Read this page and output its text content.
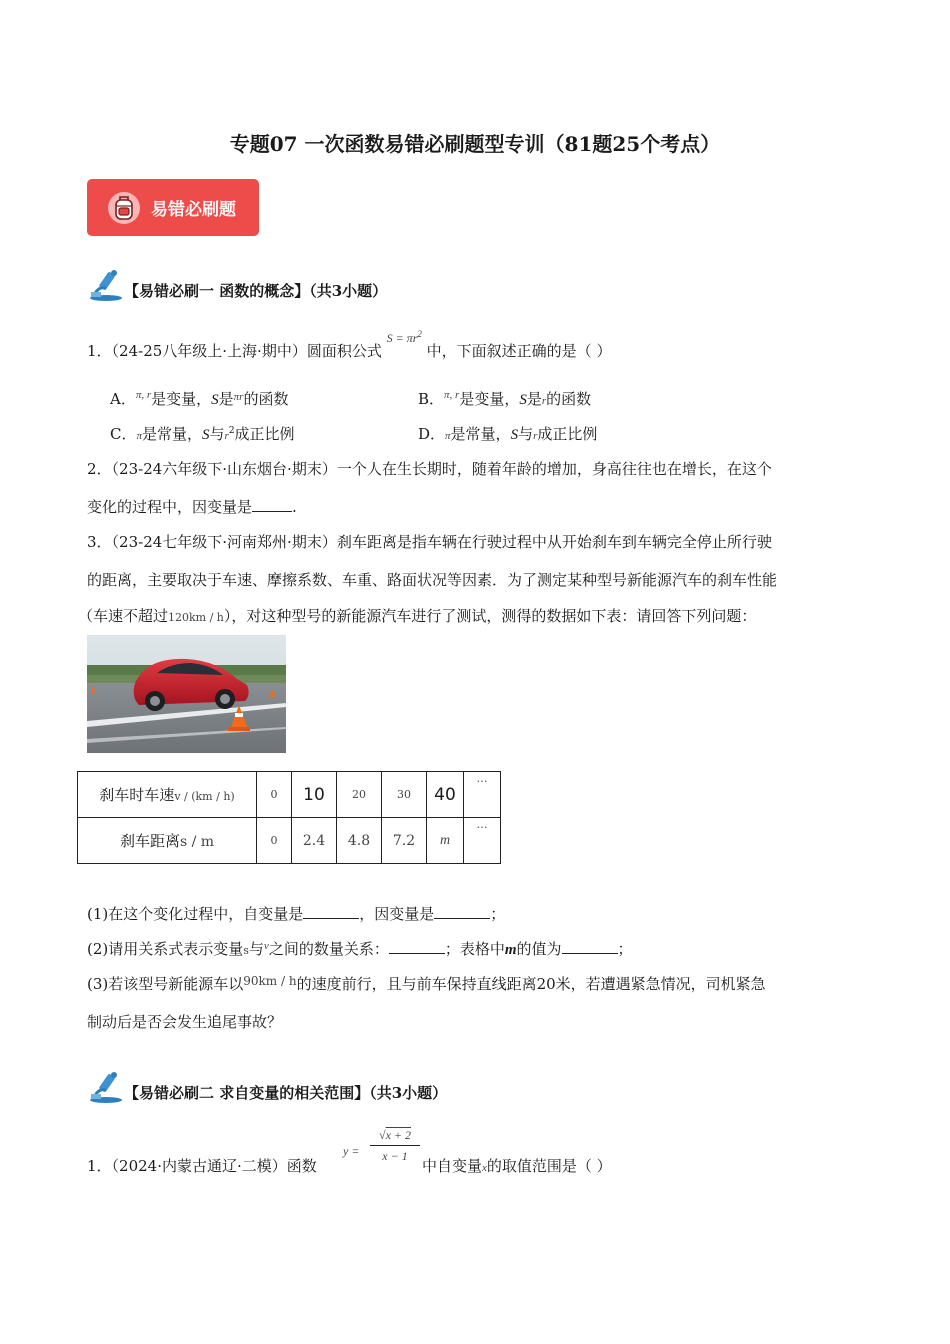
专题07 一次函数易错必刷题型专训（81题25个考点）
易错必刷题
【易错必刷一 函数的概念】（共3小题）
1．（24-25八年级上·上海·期中）圆面积公式 $^{S = \pi r^2}$ 中，下面叙述正确的是（ ）
A．$^{\pi, r}$是变量，S是$^{\pi r}$的函数	B．$^{\pi, r}$是变量，S是r的函数
C．π是常量，S与$r^2$成正比例	D．π是常量，S与r成正比例
2．（23-24六年级下·山东烟台·期末）一个人在生长期时，随着年龄的增加，身高往往也在增长，在这个
变化的过程中，因变量是	.
3．（23-24七年级下·河南郑州·期末）刹车距离是指车辆在行驶过程中从开始刹车到车辆完全停止所行驶
的距离，主要取决于车速、摩擦系数、车重、路面状况等因素．为了测定某种型号新能源汽车的刹车性能
（车速不超过120km / h），对这种型号的新能源汽车进行了测试，测得的数据如下表：请回答下列问题：
刹车时车速v / (km / h)	0	10	20	30	40	…
刹车距离s / m	0	2.4	4.8	7.2	m	…
(1)在这个变化过程中，自变量是	，因变量是	；
(2)请用关系式表示变量s与$^v$之间的数量关系：	；表格中m的值为	；
(3)若该型号新能源车以$^{90km / h}$的速度前行，且与前车保持直线距离20米，若遭遇紧急情况，司机紧急
制动后是否会发生追尾事故？
【易错必刷二 求自变量的相关范围】（共3小题）
1．（2024·内蒙古通辽·二模）函数
$y = \frac{√x + 2}{x - 1}$
中自变量x的取值范围是（ ）
